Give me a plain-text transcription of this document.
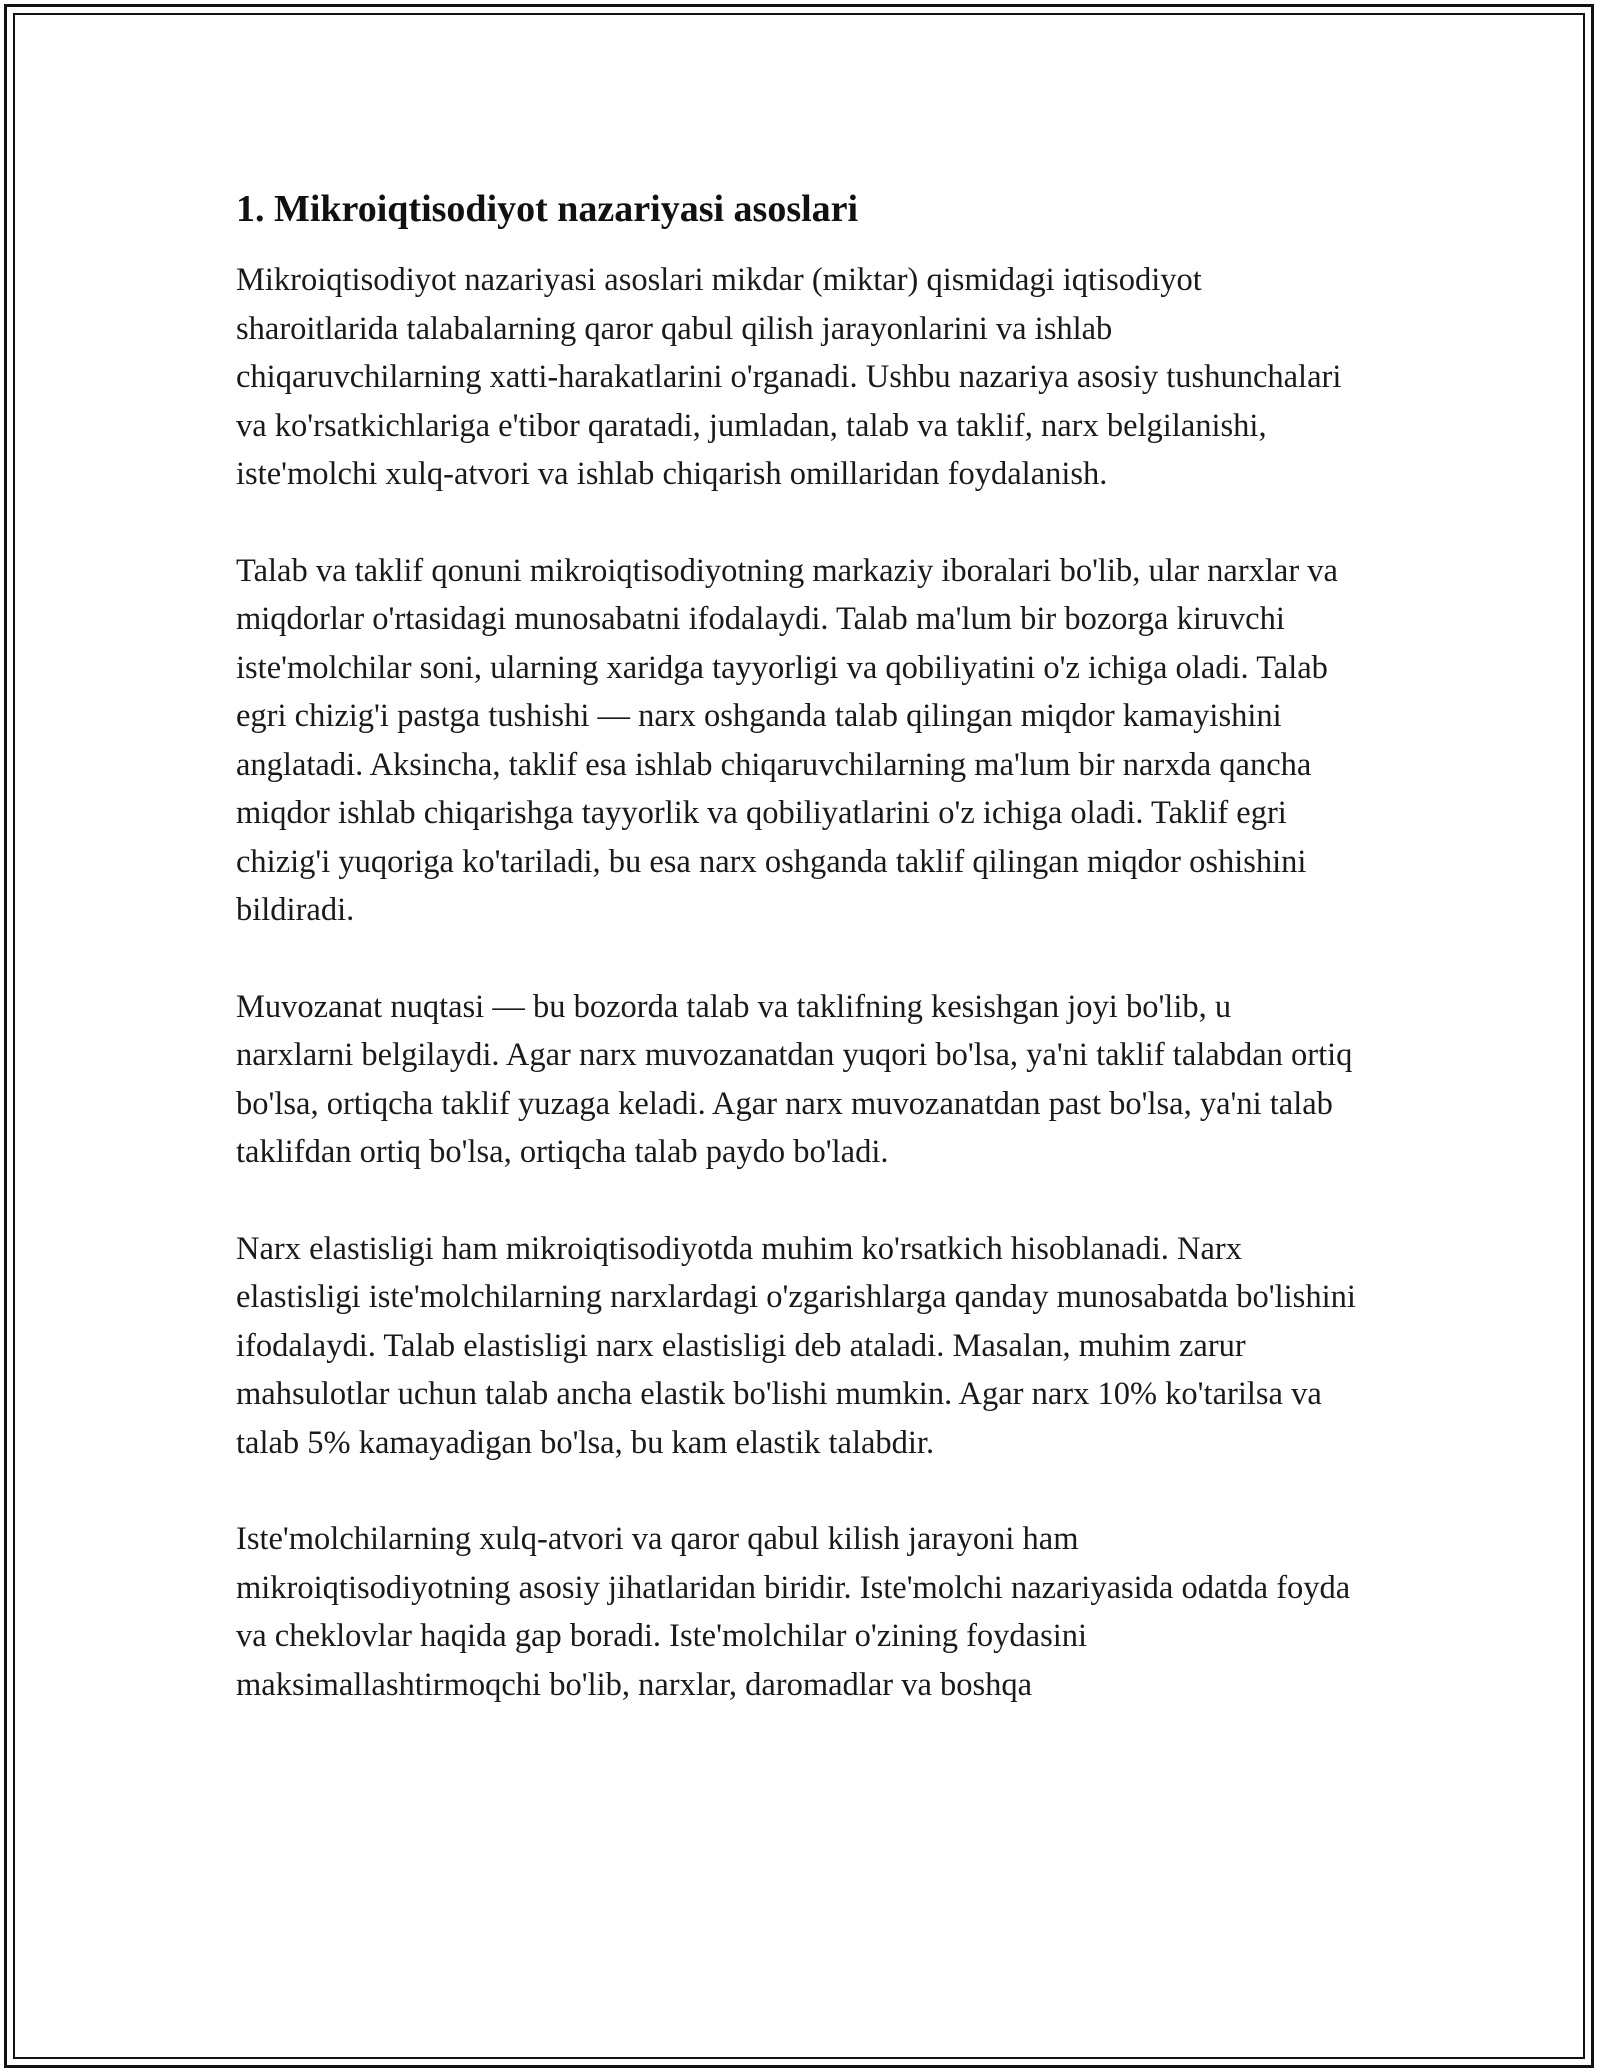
1. Mikroiqtisodiyot nazariyasi asoslari

Mikroiqtisodiyot nazariyasi asoslari mikdar (miktar) qismidagi iqtisodiyot sharoitlarida talabalarning qaror qabul qilish jarayonlarini va ishlab chiqaruvchilarning xatti-harakatlarini o'rganadi. Ushbu nazariya asosiy tushunchalari va ko'rsatkichlariga e'tibor qaratadi, jumladan, talab va taklif, narx belgilanishi, iste'molchi xulq-atvori va ishlab chiqarish omillaridan foydalanish.

Talab va taklif qonuni mikroiqtisodiyotning markaziy iboralari bo'lib, ular narxlar va miqdorlar o'rtasidagi munosabatni ifodalaydi. Talab ma'lum bir bozorga kiruvchi iste'molchilar soni, ularning xaridga tayyorligi va qobiliyatini o'z ichiga oladi. Talab egri chizig'i pastga tushishi — narx oshganda talab qilingan miqdor kamayishini anglatadi. Aksincha, taklif esa ishlab chiqaruvchilarning ma'lum bir narxda qancha miqdor ishlab chiqarishga tayyorlik va qobiliyatlarini o'z ichiga oladi. Taklif egri chizig'i yuqoriga ko'tariladi, bu esa narx oshganda taklif qilingan miqdor oshishini bildiradi.

Muvozanat nuqtasi — bu bozorda talab va taklifning kesishgan joyi bo'lib, u narxlarni belgilaydi. Agar narx muvozanatdan yuqori bo'lsa, ya'ni taklif talabdan ortiq bo'lsa, ortiqcha taklif yuzaga keladi. Agar narx muvozanatdan past bo'lsa, ya'ni talab taklifdan ortiq bo'lsa, ortiqcha talab paydo bo'ladi.

Narx elastisligi ham mikroiqtisodiyotda muhim ko'rsatkich hisoblanadi. Narx elastisligi iste'molchilarning narxlardagi o'zgarishlarga qanday munosabatda bo'lishini ifodalaydi. Talab elastisligi narx elastisligi deb ataladi. Masalan, muhim zarur mahsulotlar uchun talab ancha elastik bo'lishi mumkin. Agar narx 10% ko'tarilsa va talab 5% kamayadigan bo'lsa, bu kam elastik talabdir.

Iste'molchilarning xulq-atvori va qaror qabul kilish jarayoni ham mikroiqtisodiyotning asosiy jihatlaridan biridir. Iste'molchi nazariyasida odatda foyda va cheklovlar haqida gap boradi. Iste'molchilar o'zining foydasini maksimallashtirmoqchi bo'lib, narxlar, daromadlar va boshqa
